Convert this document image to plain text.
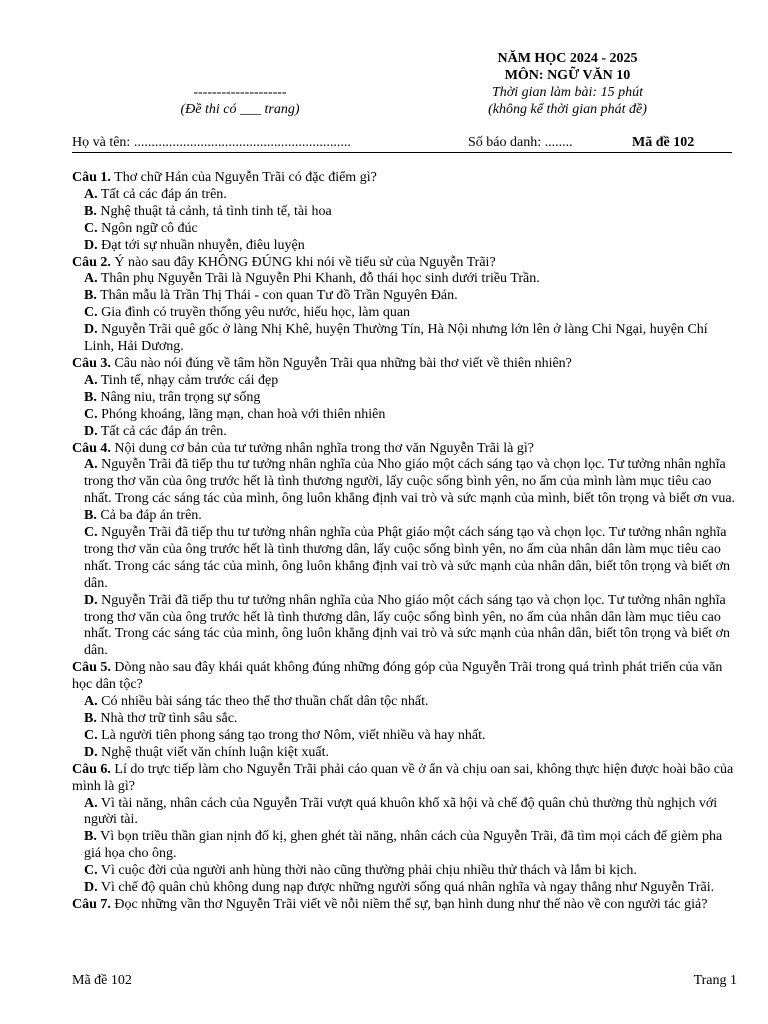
--------------------
(Đề thi có ___ trang)
NĂM HỌC 2024 - 2025
MÔN: NGỮ VĂN 10
Thời gian làm bài: 15 phút
(không kể thời gian phát đề)
Họ và tên: ..............................................................	Số báo danh: ........	Mã đề 102

Câu 1. Thơ chữ Hán của Nguyễn Trãi có đặc điểm gì?

A. Tất cả các đáp án trên.

B. Nghệ thuật tả cảnh, tả tình tinh tế, tài hoa

C. Ngôn ngữ cô đúc

D. Đạt tới sự nhuần nhuyễn, điêu luyện

Câu 2. Ý nào sau đây KHÔNG ĐÚNG khi nói về tiểu sử của Nguyễn Trãi?

A. Thân phụ Nguyễn Trãi là Nguyễn Phi Khanh, đỗ thái học sinh dưới triều Trần.

B. Thân mẫu là Trần Thị Thái - con quan Tư đồ Trần Nguyên Đán.

C. Gia đình có truyền thống yêu nước, hiếu học, làm quan

D. Nguyễn Trãi quê gốc ở làng Nhị Khê, huyện Thường Tín, Hà Nội nhưng lớn lên ở làng Chi Ngại, huyện Chí Linh, Hải Dương.

Câu 3. Câu nào nói đúng về tâm hồn Nguyễn Trãi qua những bài thơ viết về thiên nhiên?

A. Tinh tế, nhạy cảm trước cái đẹp

B. Nâng niu, trân trọng sự sống

C. Phóng khoáng, lãng mạn, chan hoà với thiên nhiên

D. Tất cả các đáp án trên.

Câu 4. Nội dung cơ bản của tư tưởng nhân nghĩa trong thơ văn Nguyễn Trãi là gì?

A. Nguyễn Trãi đã tiếp thu tư tưởng nhân nghĩa của Nho giáo một cách sáng tạo và chọn lọc. Tư tưởng nhân nghĩa trong thơ văn của ông trước hết là tình thương người, lấy cuộc sống bình yên, no ấm của mình làm mục tiêu cao nhất. Trong các sáng tác của mình, ông luôn khẳng định vai trò và sức mạnh của mình, biết tôn trọng và biết ơn vua.

B. Cả ba đáp án trên.

C. Nguyễn Trãi đã tiếp thu tư tưởng nhân nghĩa của Phật giáo một cách sáng tạo và chọn lọc. Tư tưởng nhân nghĩa trong thơ văn của ông trước hết là tình thương dân, lấy cuộc sống bình yên, no ấm của nhân dân làm mục tiêu cao nhất. Trong các sáng tác của mình, ông luôn khẳng định vai trò và sức mạnh của nhân dân, biết tôn trọng và biết ơn dân.

D. Nguyễn Trãi đã tiếp thu tư tưởng nhân nghĩa của Nho giáo một cách sáng tạo và chọn lọc. Tư tưởng nhân nghĩa trong thơ văn của ông trước hết là tình thương dân, lấy cuộc sống bình yên, no ấm của nhân dân làm mục tiêu cao nhất. Trong các sáng tác của mình, ông luôn khẳng định vai trò và sức mạnh của nhân dân, biết tôn trọng và biết ơn dân.

Câu 5. Dòng nào sau đây khái quát không đúng những đóng góp của Nguyễn Trãi trong quá trình phát triển của văn học dân tộc?

A. Có nhiều bài sáng tác theo thể thơ thuần chất dân tộc nhất.

B. Nhà thơ trữ tình sâu sắc.

C. Là người tiên phong sáng tạo trong thơ Nôm, viết nhiều và hay nhất.

D. Nghệ thuật viết văn chính luận kiệt xuất.

Câu 6. Lí do trực tiếp làm cho Nguyễn Trãi phải cáo quan về ở ẩn và chịu oan sai, không thực hiện được hoài bão của mình là gì?

A. Vì tài năng, nhân cách của Nguyễn Trãi vượt quá khuôn khổ xã hội và chế độ quân chủ thường thù nghịch với người tài.

B. Vì bọn triều thần gian nịnh đố kị, ghen ghét tài năng, nhân cách của Nguyễn Trãi, đã tìm mọi cách để gièm pha giá họa cho ông.

C. Vì cuộc đời của người anh hùng thời nào cũng thường phải chịu nhiều thử thách và lắm bi kịch.

D. Vì chế độ quân chủ không dung nạp được những người sống quá nhân nghĩa và ngay thẳng như Nguyễn Trãi.

Câu 7. Đọc những vần thơ Nguyễn Trãi viết về nỗi niềm thế sự, bạn hình dung như thế nào về con người tác giả?

Mã đề 102	Trang 1
